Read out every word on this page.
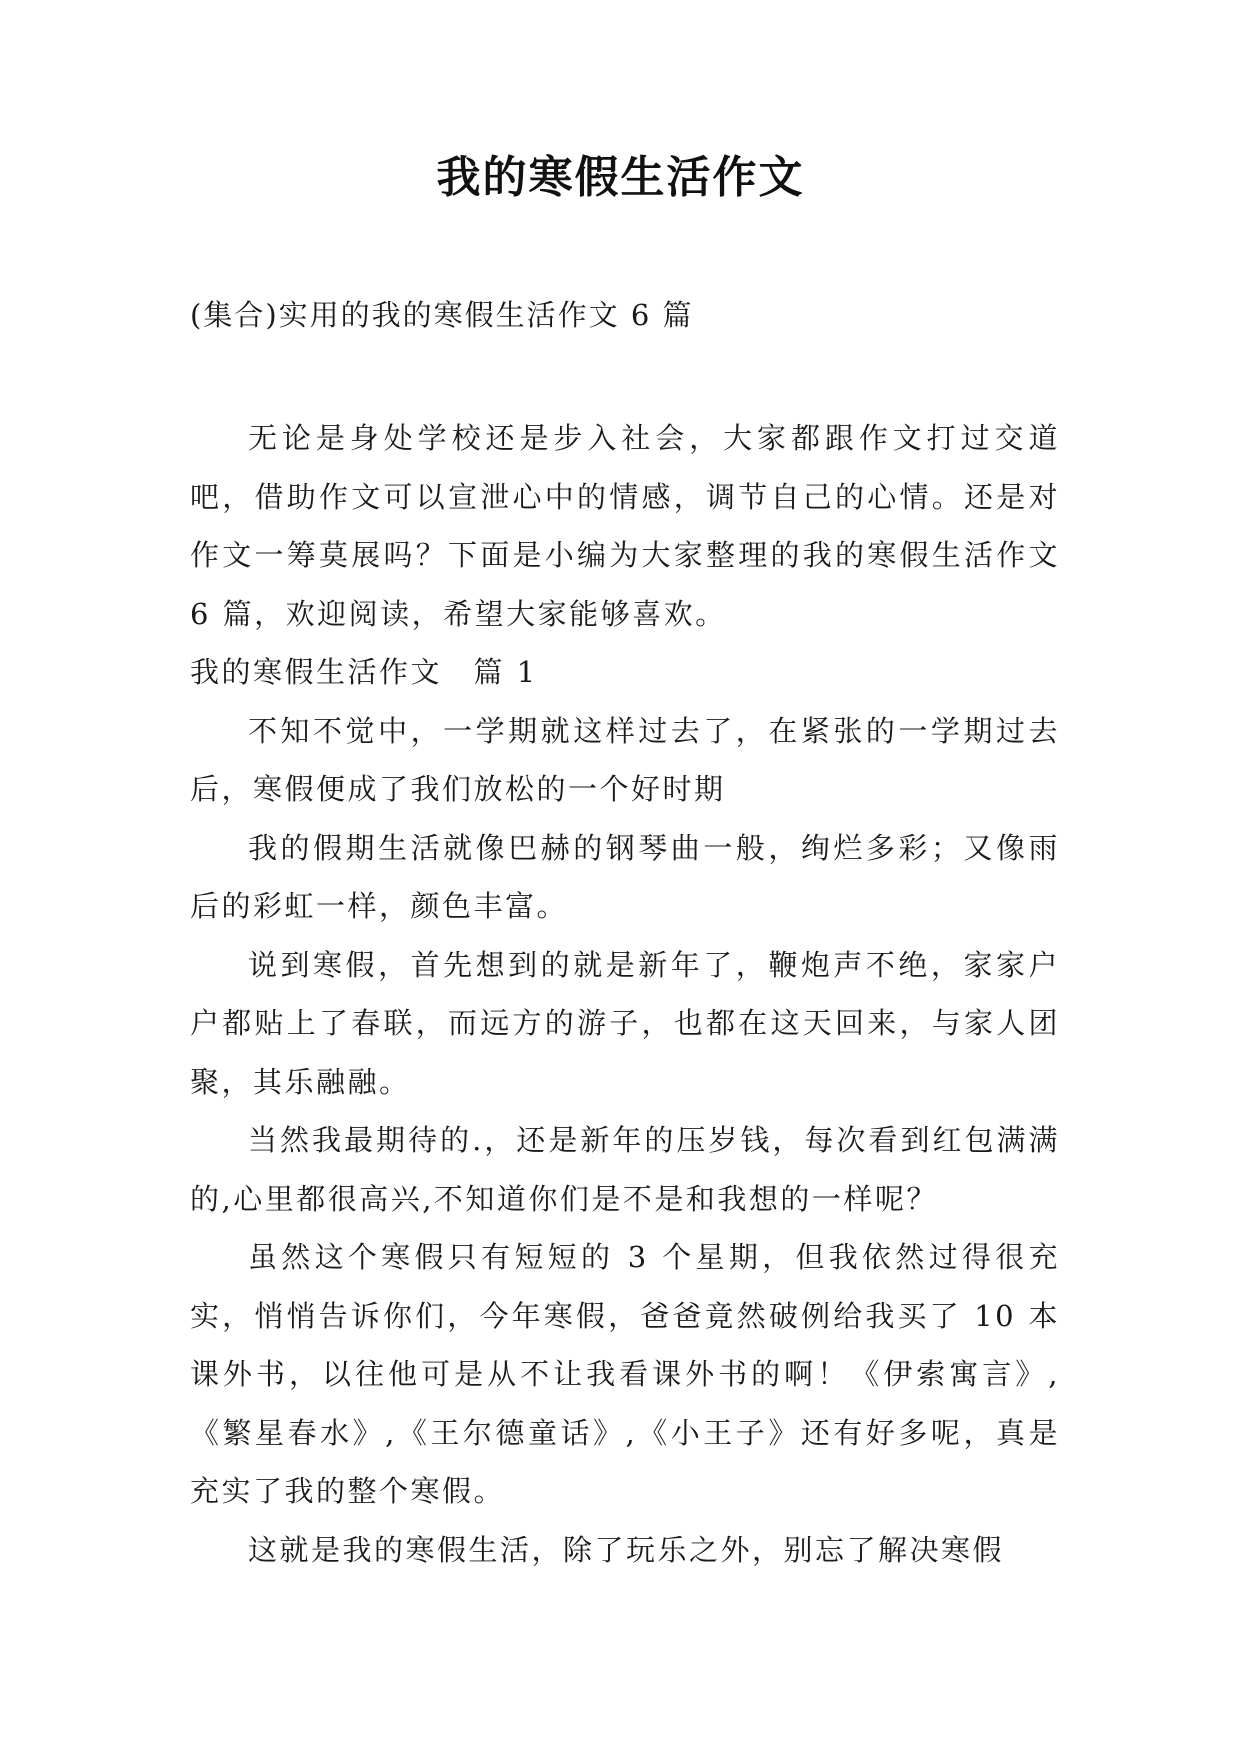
我的寒假生活作文
(集合)实用的我的寒假生活作文 6 篇

无论是身处学校还是步入社会，大家都跟作文打过交道吧，借助作文可以宣泄心中的情感，调节自己的心情。还是对作文一筹莫展吗？下面是小编为大家整理的我的寒假生活作文 6 篇，欢迎阅读，希望大家能够喜欢。

我的寒假生活作文　篇 1

不知不觉中，一学期就这样过去了，在紧张的一学期过去后，寒假便成了我们放松的一个好时期

我的假期生活就像巴赫的钢琴曲一般，绚烂多彩；又像雨后的彩虹一样，颜色丰富。

说到寒假，首先想到的就是新年了，鞭炮声不绝，家家户户都贴上了春联，而远方的游子，也都在这天回来，与家人团聚，其乐融融。

当然我最期待的.，还是新年的压岁钱，每次看到红包满满的,心里都很高兴,不知道你们是不是和我想的一样呢？

虽然这个寒假只有短短的 3 个星期，但我依然过得很充实，悄悄告诉你们，今年寒假，爸爸竟然破例给我买了 10 本课外书，以往他可是从不让我看课外书的啊！《伊索寓言》,《繁星春水》,《王尔德童话》,《小王子》还有好多呢，真是充实了我的整个寒假。

这就是我的寒假生活，除了玩乐之外，别忘了解决寒假
